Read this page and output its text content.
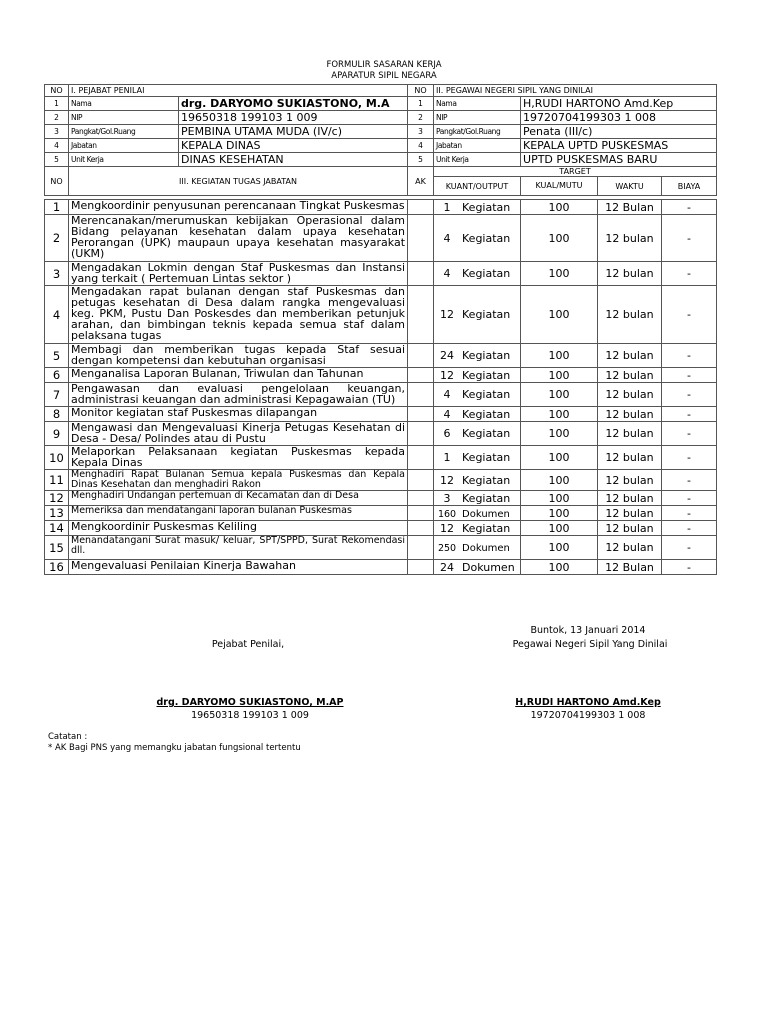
FORMULIR SASARAN KERJA
APARATUR SIPIL NEGARA
NO	I. PEJABAT PENILAI		NO	II. PEGAWAI NEGERI SIPIL YANG DINILAI			
1	Nama	drg. DARYOMO SUKIASTONO, M.A	1	Nama	H,RUDI HARTONO Amd.Kep		
2	NIP	19650318 199103 1 009	2	NIP	19720704199303 1 008		
3	Pangkat/Gol.Ruang	PEMBINA UTAMA MUDA (IV/c)	3	Pangkat/Gol.Ruang	Penata (III/c)		
4	Jabatan	KEPALA DINAS	4	Jabatan	KEPALA UPTD PUSKESMAS		
5	Unit Kerja	DINAS KESEHATAN	5	Unit Kerja	UPTD PUSKESMAS BARU		
NO	III. KEGIATAN TUGAS JABATAN		AK	TARGET			
				KUANT/OUTPUT	KUAL/MUTU	WAKTU	BIAYA

1	Mengkoordinir penyusunan perencanaan Tingkat Puskesmas			1 Kegiatan	100	12 Bulan	-
2	Merencanakan/merumuskan kebijakan Operasional dalam Bidang pelayanan kesehatan dalam upaya kesehatan Perorangan (UPK) maupaun upaya kesehatan masyarakat (UKM)			4 Kegiatan	100	12 bulan	-
3	Mengadakan Lokmin dengan Staf Puskesmas dan Instansi yang terkait ( Pertemuan Lintas sektor )			4 Kegiatan	100	12 bulan	-
4	Mengadakan rapat bulanan dengan staf Puskesmas dan petugas kesehatan di Desa dalam rangka mengevaluasi keg. PKM, Pustu Dan Poskesdes dan memberikan petunjuk arahan, dan bimbingan teknis kepada semua staf dalam pelaksana tugas			12 Kegiatan	100	12 bulan	-
5	Membagi dan memberikan tugas kepada Staf sesuai dengan kompetensi dan kebutuhan organisasi			24 Kegiatan	100	12 bulan	-
6	Menganalisa Laporan Bulanan, Triwulan dan Tahunan			12 Kegiatan	100	12 bulan	-
7	Pengawasan dan evaluasi pengelolaan keuangan, administrasi keuangan dan administrasi Kepagawaian (TU)			4 Kegiatan	100	12 bulan	-
8	Monitor kegiatan staf Puskesmas dilapangan			4 Kegiatan	100	12 bulan	-
9	Mengawasi dan Mengevaluasi Kinerja Petugas Kesehatan di Desa - Desa/ Polindes atau di Pustu			6 Kegiatan	100	12 bulan	-
10	Melaporkan Pelaksanaan kegiatan Puskesmas kepada Kepala Dinas			1 Kegiatan	100	12 bulan	-
11	Menghadiri Rapat Bulanan Semua kepala Puskesmas dan Kepala Dinas Kesehatan dan menghadiri Rakon			12 Kegiatan	100	12 bulan	-
12	Menghadiri Undangan pertemuan di Kecamatan dan di Desa			3 Kegiatan	100	12 bulan	-
13	Memeriksa dan mendatangani laporan bulanan Puskesmas			160 Dokumen	100	12 bulan	-
14	Mengkoordinir Puskesmas Keliling			12 Kegiatan	100	12 bulan	-
15	Menandatangani Surat masuk/ keluar, SPT/SPPD, Surat Rekomendasi dll.			250 Dokumen	100	12 bulan	-
16	Mengevaluasi Penilaian Kinerja Bawahan			24 Dokumen	100	12 Bulan	-
Buntok, 13 Januari 2014
Pejabat Penilai,	Pegawai Negeri Sipil Yang Dinilai
drg. DARYOMO SUKIASTONO, M.AP
19650318 199103 1 009
H,RUDI HARTONO Amd.Kep
19720704199303 1 008
Catatan :
* AK Bagi PNS yang memangku jabatan fungsional tertentu
